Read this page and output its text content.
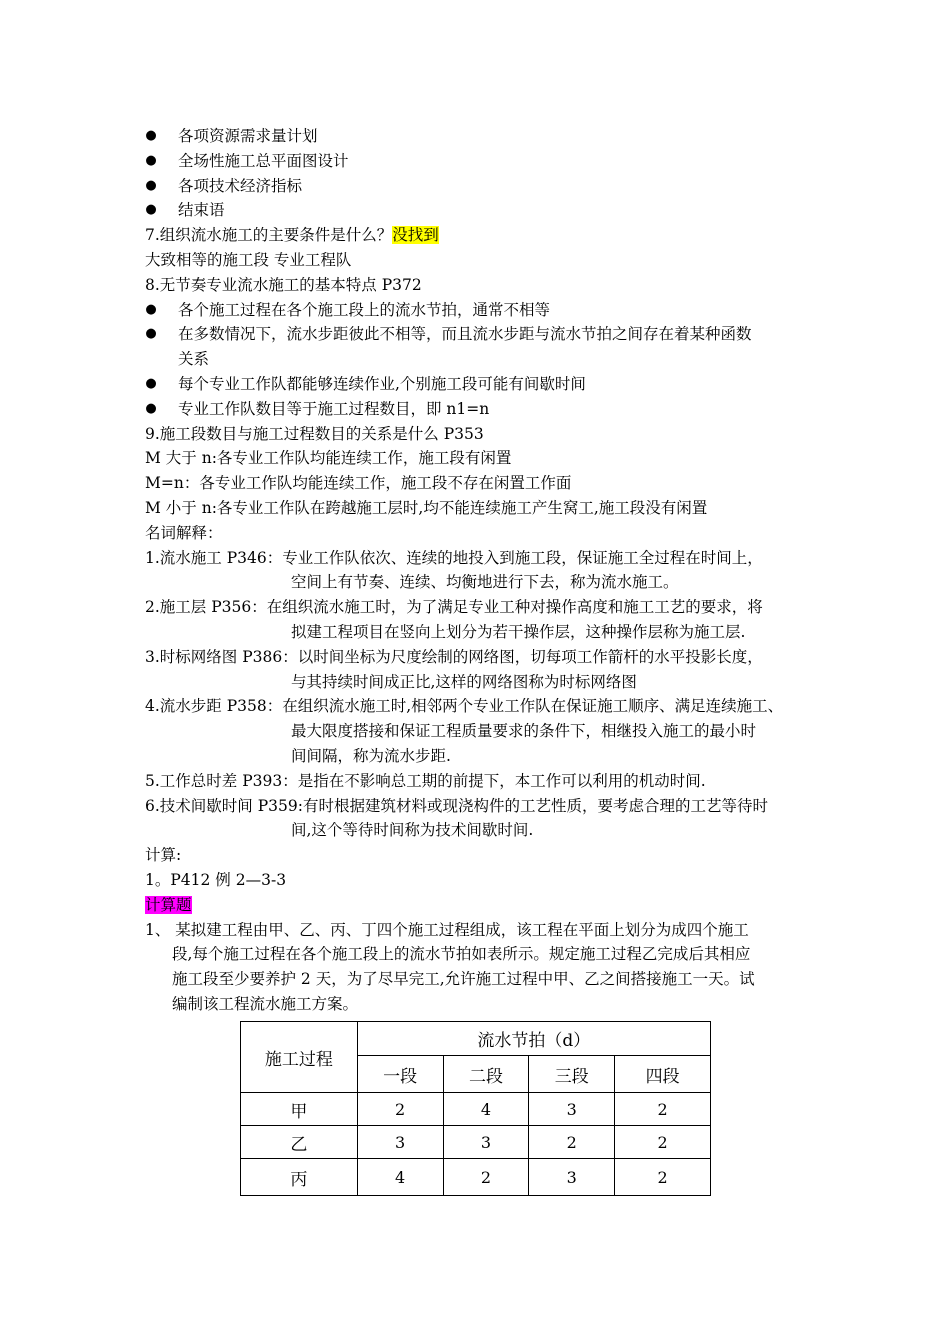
● 各项资源需求量计划
● 全场性施工总平面图设计
● 各项技术经济指标
● 结束语
7.组织流水施工的主要条件是什么？没找到
大致相等的施工段 专业工程队
8.无节奏专业流水施工的基本特点 P372
● 各个施工过程在各个施工段上的流水节拍，通常不相等
● 在多数情况下，流水步距彼此不相等，而且流水步距与流水节拍之间存在着某种函数
关系
● 每个专业工作队都能够连续作业,个别施工段可能有间歇时间
● 专业工作队数目等于施工过程数目，即 n1=n
9.施工段数目与施工过程数目的关系是什么 P353
M 大于 n:各专业工作队均能连续工作，施工段有闲置
M=n：各专业工作队均能连续工作，施工段不存在闲置工作面
M 小于 n:各专业工作队在跨越施工层时,均不能连续施工产生窝工,施工段没有闲置
名词解释：
1.流水施工 P346： 专业工作队依次、连续的地投入到施工段，保证施工全过程在时间上，
空间上有节奏、连续、均衡地进行下去，称为流水施工。
2.施工层 P356： 在组织流水施工时，为了满足专业工种对操作高度和施工工艺的要求，将
拟建工程项目在竖向上划分为若干操作层，这种操作层称为施工层.
3.时标网络图 P386： 以时间坐标为尺度绘制的网络图，切每项工作箭杆的水平投影长度，
与其持续时间成正比,这样的网络图称为时标网络图
4.流水步距 P358： 在组织流水施工时,相邻两个专业工作队在保证施工顺序、满足连续施工、
最大限度搭接和保证工程质量要求的条件下，相继投入施工的最小时
间间隔，称为流水步距.
5.工作总时差 P393： 是指在不影响总工期的前提下，本工作可以利用的机动时间.
6.技术间歇时间 P359: 有时根据建筑材料或现浇构件的工艺性质，要考虑合理的工艺等待时
间,这个等待时间称为技术间歇时间.
计算:
1。P412 例 2—3-3
计算题
1、 某拟建工程由甲、乙、丙、丁四个施工过程组成，该工程在平面上划分为成四个施工
段,每个施工过程在各个施工段上的流水节拍如表所示。规定施工过程乙完成后其相应
施工段至少要养护 2 天，为了尽早完工,允许施工过程中甲、乙之间搭接施工一天。试
编制该工程流水施工方案。
施工过程	流水节拍（d）			
	一段	二段	三段	四段
甲	2	4	3	2
乙	3	3	2	2
丙	4	2	3	2
